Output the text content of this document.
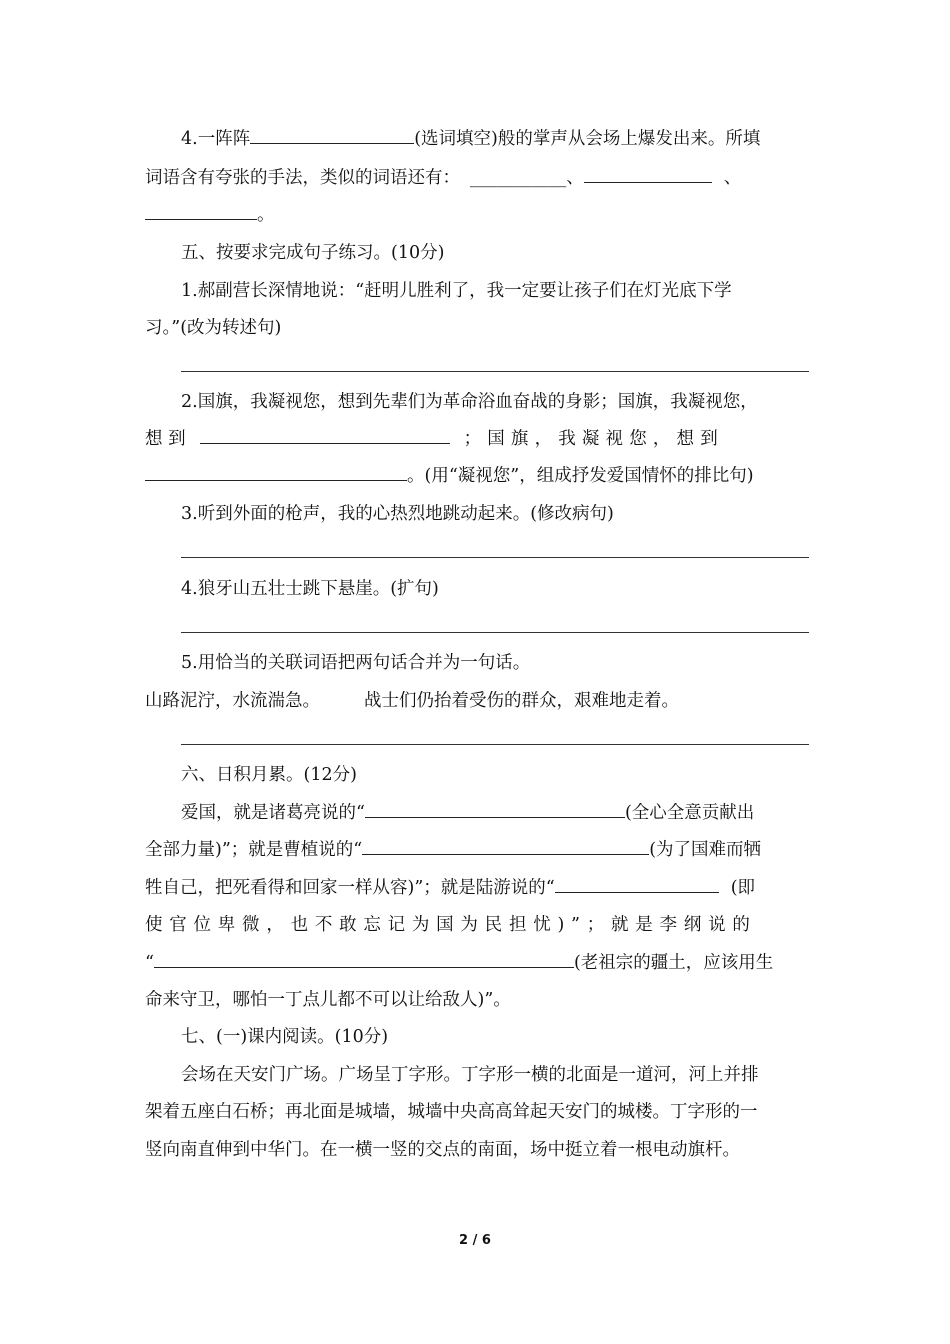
4.一阵阵	(选词填空)般的掌声从会场上爆发出来。所填
词语含有夸张的手法，类似的词语还有： ___________、	、
。
五、按要求完成句子练习。(10分)
1.郝副营长深情地说：“赶明儿胜利了，我一定要让孩子们在灯光底下学
习。”(改为转述句)
2.国旗，我凝视您，想到先辈们为革命浴血奋战的身影；国旗，我凝视您，
想 到	； 国 旗 ， 我 凝 视 您 ， 想 到
。(用“凝视您”，组成抒发爱国情怀的排比句)
3.听到外面的枪声，我的心热烈地跳动起来。(修改病句)
4.狼牙山五壮士跳下悬崖。(扩句)
5.用恰当的关联词语把两句话合并为一句话。
山路泥泞，水流湍急。	战士们仍抬着受伤的群众，艰难地走着。
六、日积月累。(12分)
爱国，就是诸葛亮说的“	(全心全意贡献出
全部力量)”；就是曹植说的“	(为了国难而牺
牲自己，把死看得和回家一样从容)”；就是陆游说的“	(即
使 官 位 卑 微 ， 也 不 敢 忘 记 为 国 为 民 担 忧 ) ” ； 就 是 李 纲 说 的
“	(老祖宗的疆土，应该用生
命来守卫，哪怕一丁点儿都不可以让给敌人)”。
七、(一)课内阅读。(10分)
会场在天安门广场。广场呈丁字形。丁字形一横的北面是一道河，河上并排
架着五座白石桥；再北面是城墙，城墙中央高高耸起天安门的城楼。丁字形的一
竖向南直伸到中华门。在一横一竖的交点的南面，场中挺立着一根电动旗杆。
2 / 6
